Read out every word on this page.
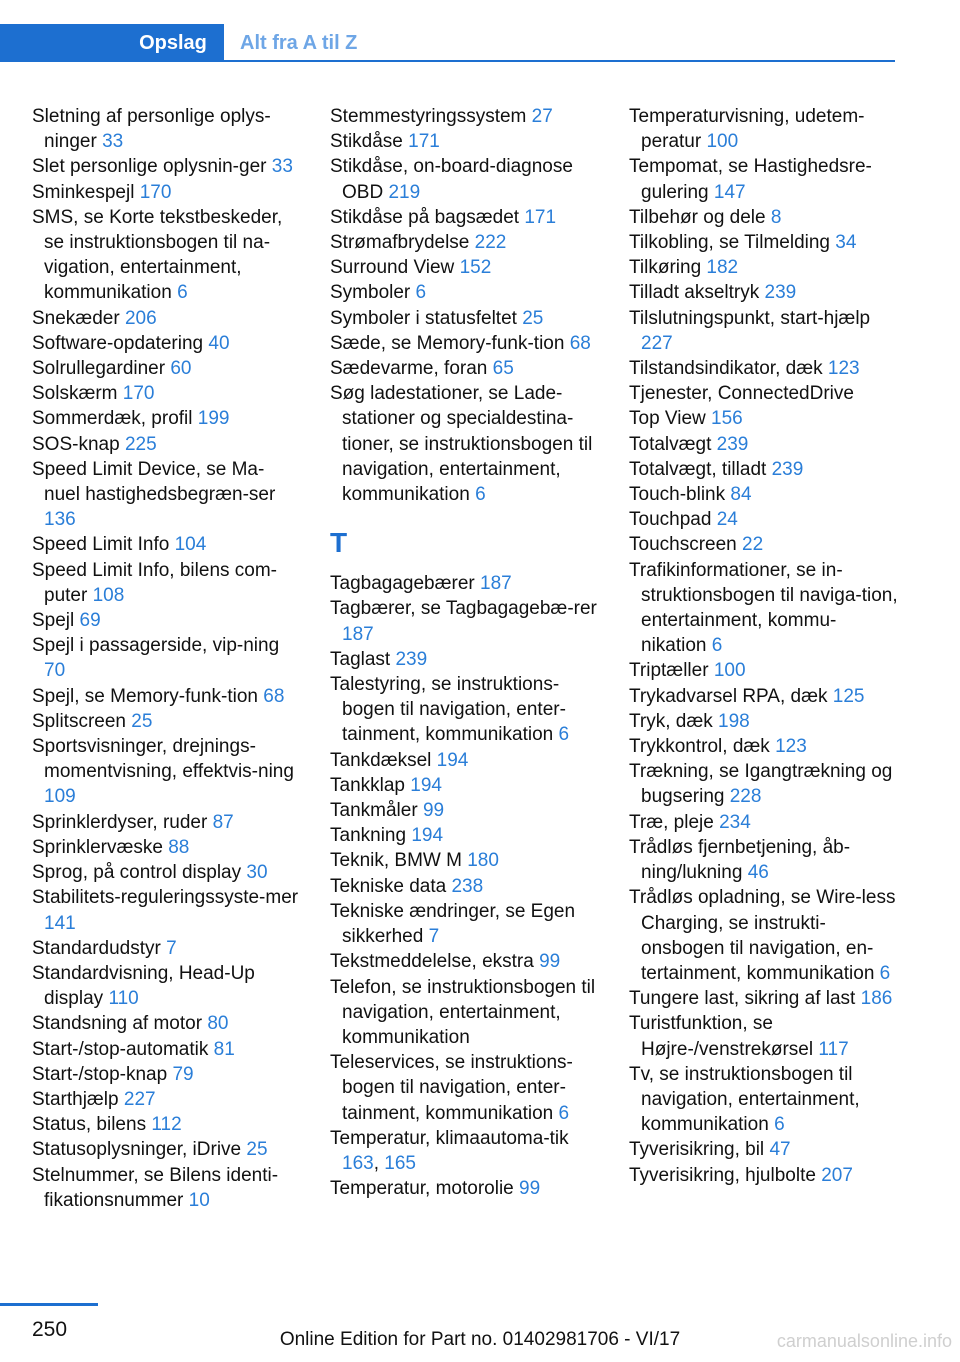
Opslag	Alt fra A til Z
Sletning af personlige oplys‐ninger 33
Slet personlige oplysnin‐ger 33
Sminkespejl 170
SMS, se Korte tekstbeskeder, se instruktionsbogen til na‐vigation, entertainment, kommunikation 6
Snekæder 206
Software-opdatering 40
Solrullegardiner 60
Solskærm 170
Sommerdæk, profil 199
SOS-knap 225
Speed Limit Device, se Ma‐nuel hastighedsbegræn‐ser 136
Speed Limit Info 104
Speed Limit Info, bilens com‐puter 108
Spejl 69
Spejl i passagerside, vip‐ning 70
Spejl, se Memory-funk‐tion 68
Splitscreen 25
Sportsvisninger, drejnings‐momentvisning, effektvis‐ning 109
Sprinklerdyser, ruder 87
Sprinklervæske 88
Sprog, på control display 30
Stabilitets-reguleringssyste‐mer 141
Standardudstyr 7
Standardvisning, Head-Up display 110
Standsning af motor 80
Start-/stop-automatik 81
Start-/stop-knap 79
Starthjælp 227
Status, bilens 112
Statusoplysninger, iDrive 25
Stelnummer, se Bilens identi‐fikationsnummer 10
Stemmestyringssystem 27
Stikdåse 171
Stikdåse, on-board-diagnose OBD 219
Stikdåse på bagsædet 171
Strømafbrydelse 222
Surround View 152
Symboler 6
Symboler i statusfeltet 25
Sæde, se Memory-funk‐tion 68
Sædevarme, foran 65
Søg ladestationer, se Lade‐stationer og specialdestina‐tioner, se instruktionsbogen til navigation, entertainment, kommunikation 6
T
Tagbagagebærer 187
Tagbærer, se Tagbagagebæ‐rer 187
Taglast 239
Talestyring, se instruktions‐bogen til navigation, enter‐tainment, kommunikation 6
Tankdæksel 194
Tankklap 194
Tankmåler 99
Tankning 194
Teknik, BMW M 180
Tekniske data 238
Tekniske ændringer, se Egen sikkerhed 7
Tekstmeddelelse, ekstra 99
Telefon, se instruktionsbogen til navigation, entertainment, kommunikation
Teleservices, se instruktions‐bogen til navigation, enter‐tainment, kommunikation 6
Temperatur, klimaautoma‐tik 163, 165
Temperatur, motorolie 99
Temperaturvisning, udetem‐peratur 100
Tempomat, se Hastighedsre‐gulering 147
Tilbehør og dele 8
Tilkobling, se Tilmelding 34
Tilkøring 182
Tilladt akseltryk 239
Tilslutningspunkt, start‐hjælp 227
Tilstandsindikator, dæk 123
Tjenester, ConnectedDrive
Top View 156
Totalvægt 239
Totalvægt, tilladt 239
Touch-blink 84
Touchpad 24
Touchscreen 22
Trafikinformationer, se in‐struktionsbogen til naviga‐tion, entertainment, kommu‐nikation 6
Triptæller 100
Trykadvarsel RPA, dæk 125
Tryk, dæk 198
Trykkontrol, dæk 123
Trækning, se Igangtrækning og bugsering 228
Træ, pleje 234
Trådløs fjernbetjening, åb‐ning/lukning 46
Trådløs opladning, se Wire‐less Charging, se instrukti‐onsbogen til navigation, en‐tertainment, kommunikation 6
Tungere last, sikring af last 186
Turistfunktion, se Højre-/venstrekørsel 117
Tv, se instruktionsbogen til navigation, entertainment, kommunikation 6
Tyverisikring, bil 47
Tyverisikring, hjulbolte 207
250	Online Edition for Part no. 01402981706 - VI/17	carmanualsonline.info
